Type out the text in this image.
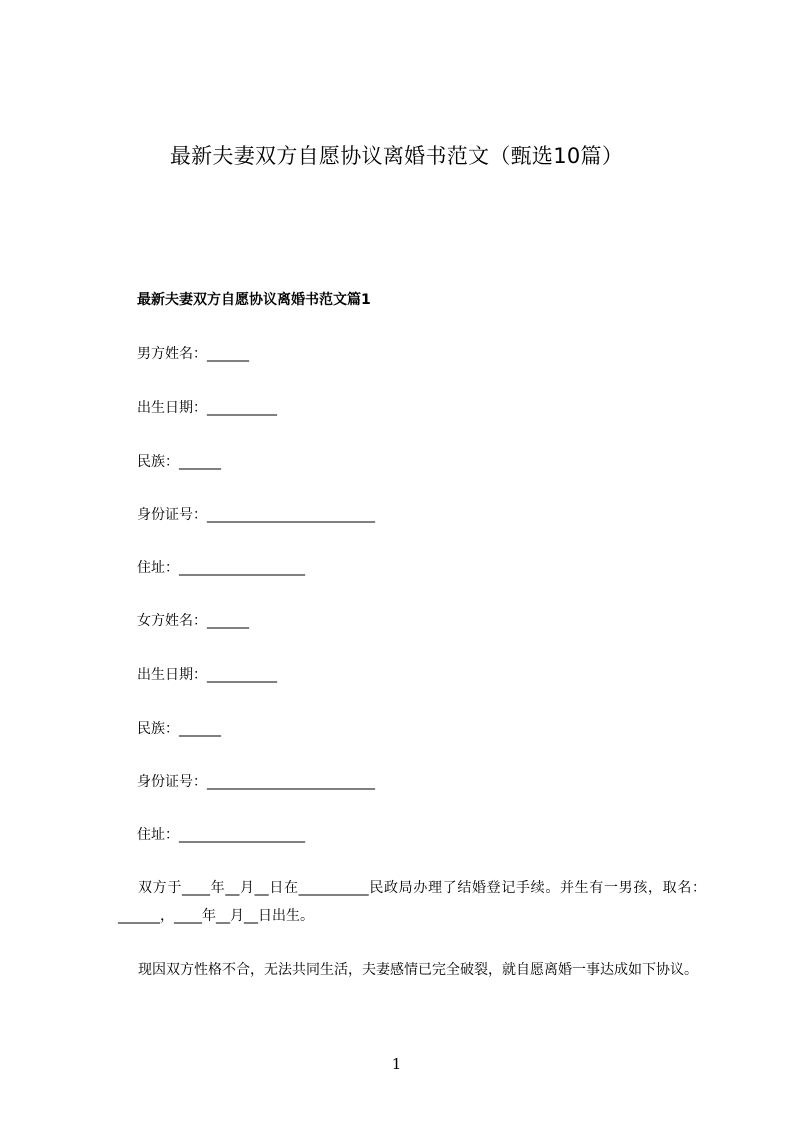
最新夫妻双方自愿协议离婚书范文（甄选10篇）
最新夫妻双方自愿协议离婚书范文篇1
男方姓名：______
出生日期：__________
民族：______
身份证号：________________________
住址：__________________
女方姓名：______
出生日期：__________
民族：______
身份证号：________________________
住址：__________________

双方于____年__月__日在__________民政局办理了结婚登记手续。并生有一男孩，取名：______，____年__月__日出生。

现因双方性格不合，无法共同生活，夫妻感情已完全破裂，就自愿离婚一事达成如下协议。

1
